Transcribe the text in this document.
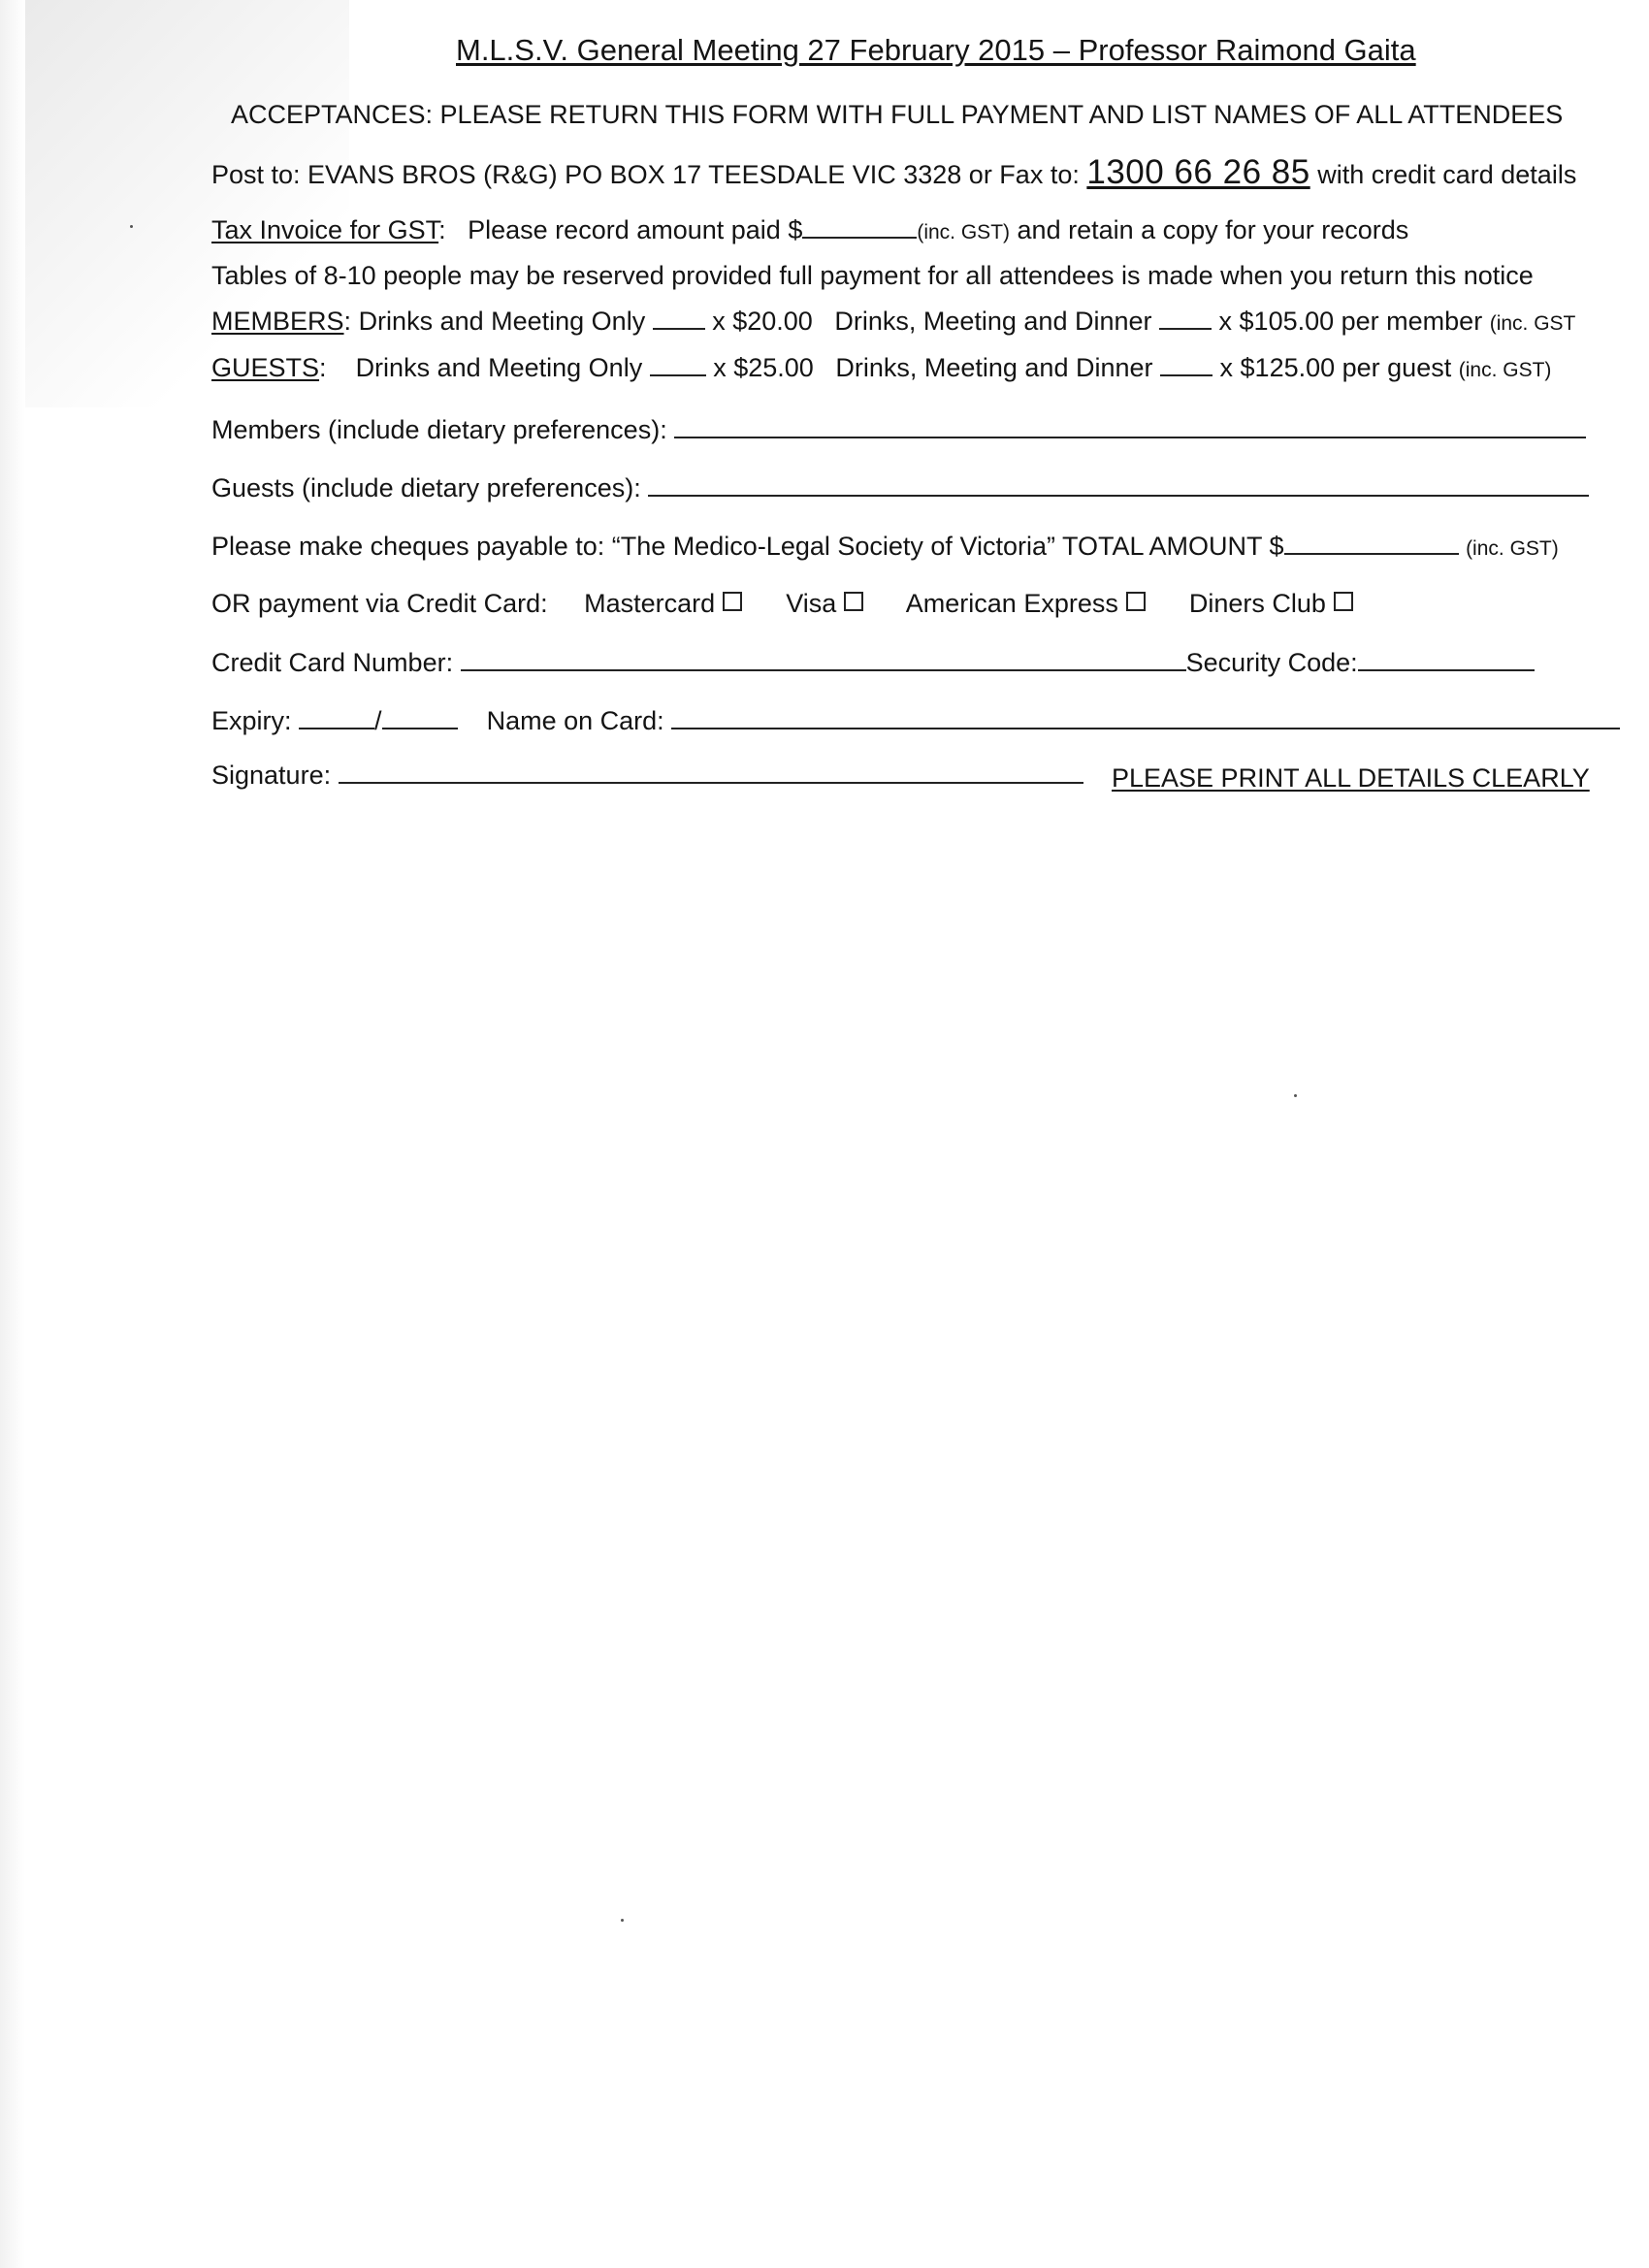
M.L.S.V. General Meeting 27 February 2015 – Professor Raimond Gaita
ACCEPTANCES: PLEASE RETURN THIS FORM WITH FULL PAYMENT AND LIST NAMES OF ALL ATTENDEES
Post to: EVANS BROS (R&G) PO BOX 17 TEESDALE VIC 3328 or Fax to: 1300 66 26 85 with credit card details
Tax Invoice for GST: Please record amount paid $	(inc. GST) and retain a copy for your records
Tables of 8-10 people may be reserved provided full payment for all attendees is made when you return this notice
MEMBERS: Drinks and Meeting Only	x $20.00 Drinks, Meeting and Dinner	x $105.00 per member (inc. GST
GUESTS: Drinks and Meeting Only	x $25.00 Drinks, Meeting and Dinner	x $125.00 per guest (inc. GST)
Members (include dietary preferences):
Guests (include dietary preferences):
Please make cheques payable to: “The Medico-Legal Society of Victoria” TOTAL AMOUNT $	(inc. GST)
OR payment via Credit Card: Mastercard	Visa	American Express	Diners Club
Credit Card Number:	Security Code:
Expiry:	/	Name on Card:
Signature:	PLEASE PRINT ALL DETAILS CLEARLY
